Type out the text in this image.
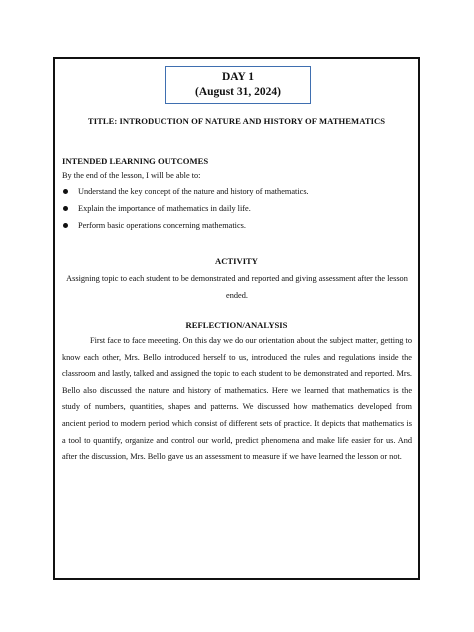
DAY 1
(August 31, 2024)
TITLE: INTRODUCTION OF NATURE AND HISTORY OF MATHEMATICS
INTENDED LEARNING OUTCOMES
By the end of the lesson, I will be able to:
Understand the key concept of the nature and history of mathematics.
Explain the importance of mathematics in daily life.
Perform basic operations concerning mathematics.
ACTIVITY
Assigning topic to each student to be demonstrated and reported and giving assessment after the lesson ended.
REFLECTION/ANALYSIS

First face to face meeeting. On this day we do our orientation about the subject matter, getting to know each other, Mrs. Bello introduced herself to us, introduced the rules and regulations inside the classroom and lastly, talked and assigned the topic to each student to be demonstrated and reported. Mrs. Bello also discussed the nature and history of mathematics. Here we learned that mathematics is the study of numbers, quantities, shapes and patterns. We discussed how mathematics developed from ancient period to modern period which consist of different sets of practice. It depicts that mathematics is a tool to quantify, organize and control our world, predict phenomena and make life easier for us. And after the discussion, Mrs. Bello gave us an assessment to measure if we have learned the lesson or not.
